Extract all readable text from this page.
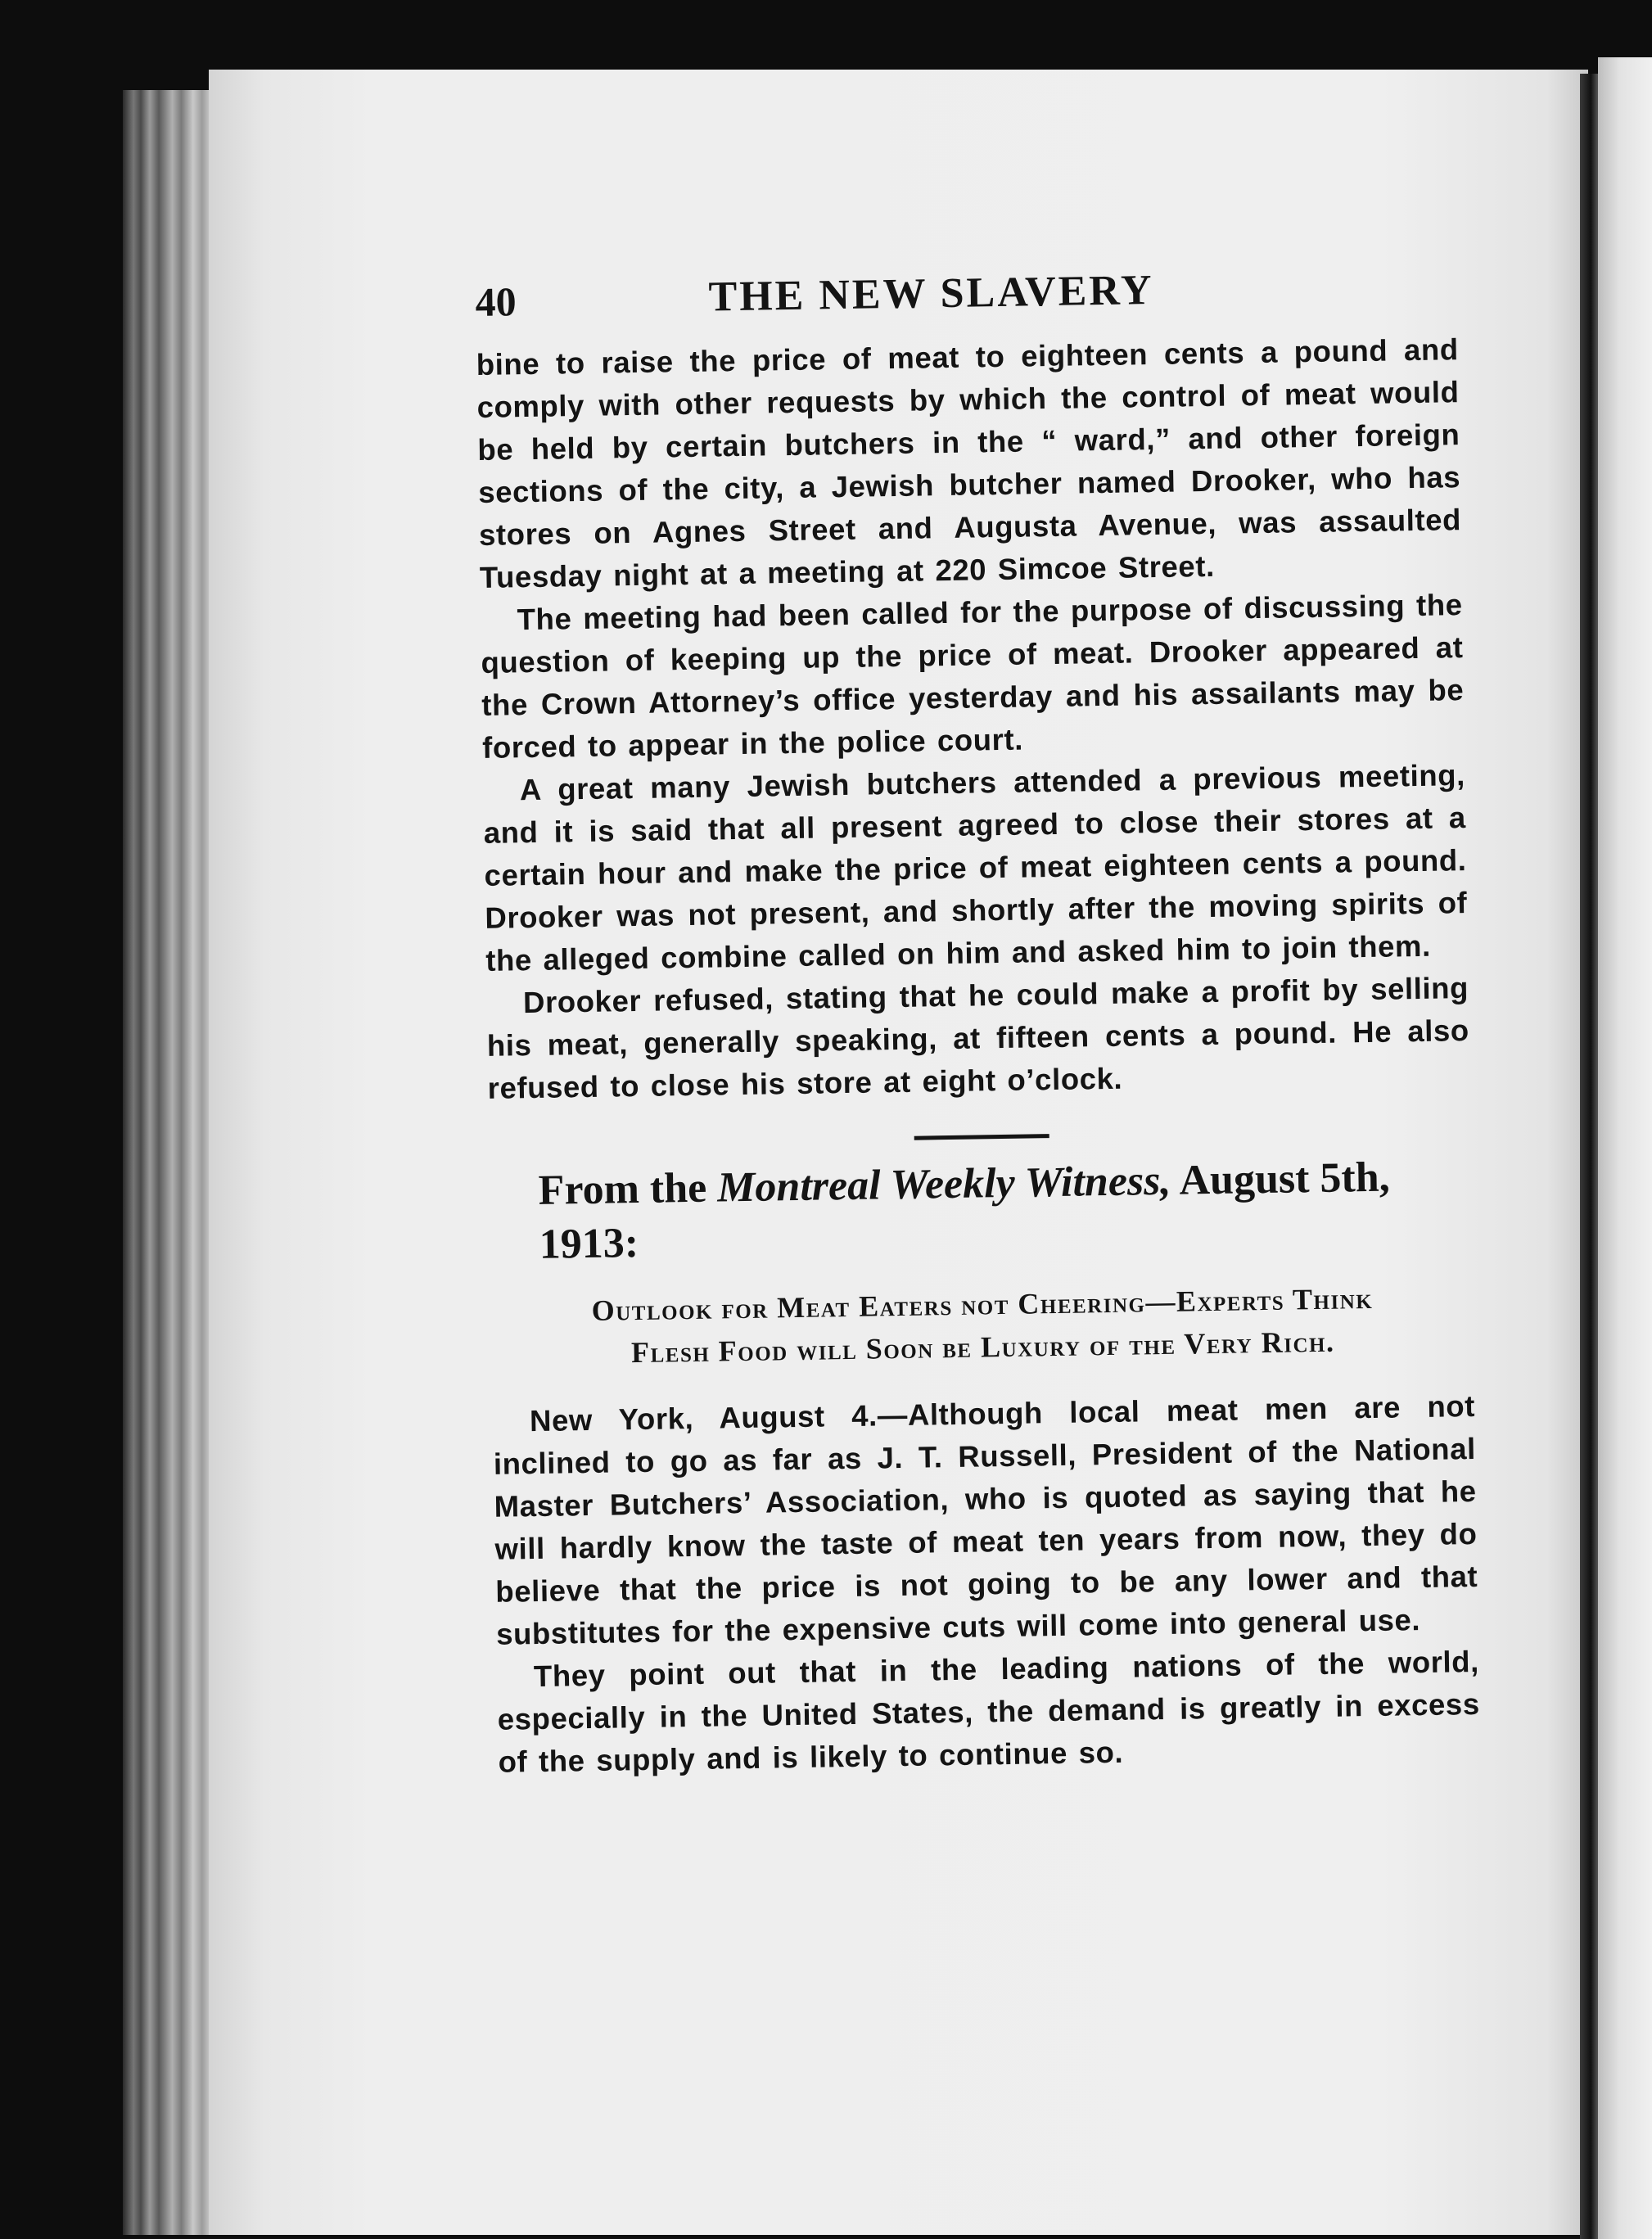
40	THE NEW SLAVERY

bine to raise the price of meat to eighteen cents a pound and comply with other requests by which the control of meat would be held by certain butchers in the “ ward,” and other foreign sections of the city, a Jewish butcher named Drooker, who has stores on Agnes Street and Augusta Avenue, was assaulted Tuesday night at a meeting at 220 Simcoe Street.

The meeting had been called for the purpose of discussing the question of keeping up the price of meat. Drooker appeared at the Crown Attorney’s office yesterday and his assailants may be forced to appear in the police court.

A great many Jewish butchers attended a previous meeting, and it is said that all present agreed to close their stores at a certain hour and make the price of meat eighteen cents a pound. Drooker was not present, and shortly after the moving spirits of the alleged combine called on him and asked him to join them.

Drooker refused, stating that he could make a profit by selling his meat, generally speaking, at fifteen cents a pound. He also refused to close his store at eight o’clock.

From the Montreal Weekly Witness, August 5th, 1913:
Outlook for Meat Eaters not Cheering—Experts Think
Flesh Food will Soon be Luxury of the Very Rich.

New York, August 4.—Although local meat men are not inclined to go as far as J. T. Russell, President of the National Master Butchers’ Association, who is quoted as saying that he will hardly know the taste of meat ten years from now, they do believe that the price is not going to be any lower and that substitutes for the expensive cuts will come into general use.

They point out that in the leading nations of the world, especially in the United States, the demand is greatly in excess of the supply and is likely to continue so.
